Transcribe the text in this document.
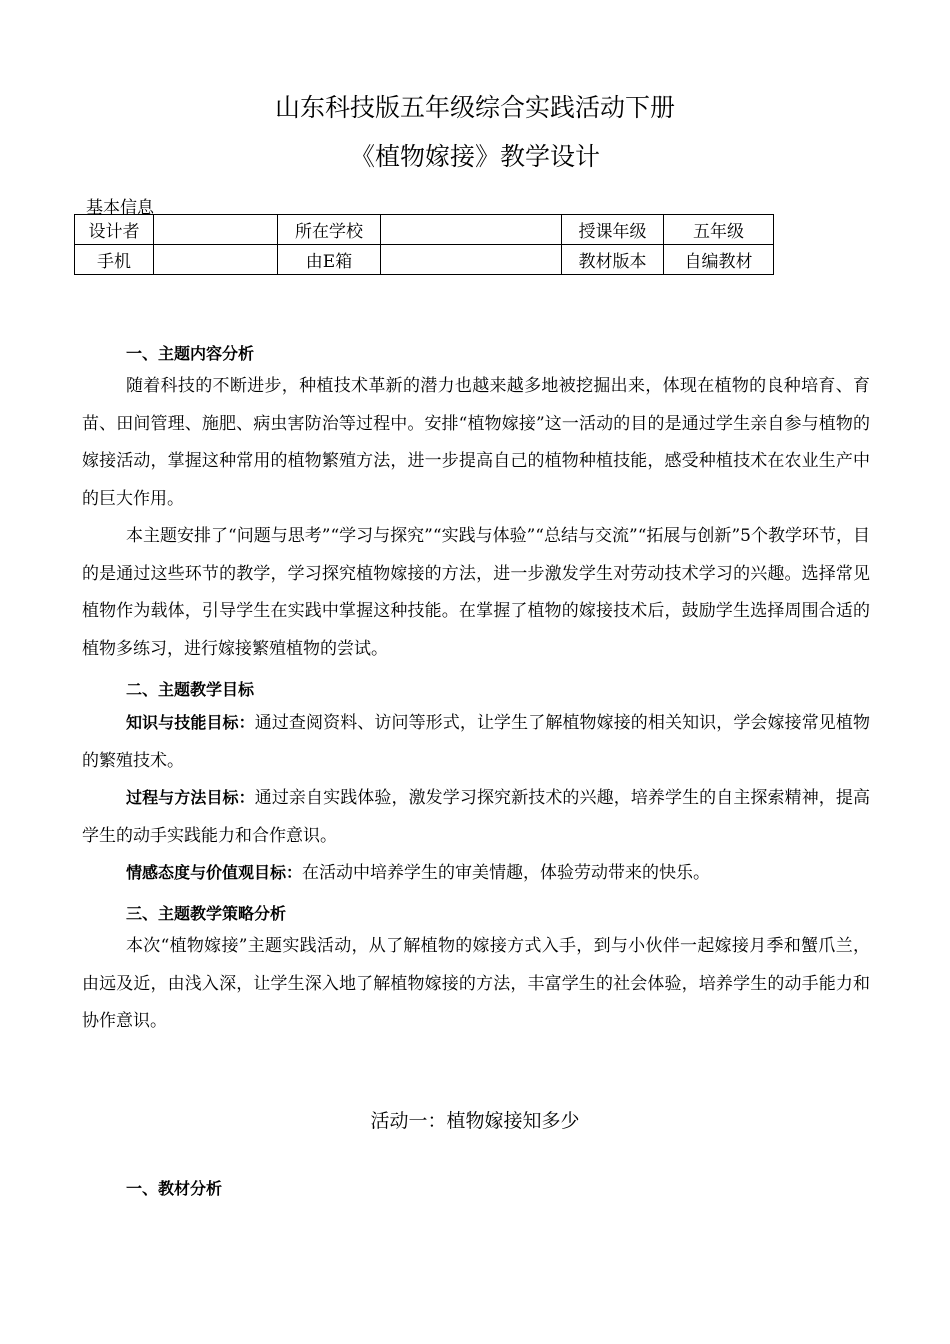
山东科技版五年级综合实践活动下册
《植物嫁接》教学设计
基本信息
设计者		所在学校		授课年级	五年级
手机		由E箱		教材版本	自编教材
一、主题内容分析
随着科技的不断进步，种植技术革新的潜力也越来越多地被挖掘出来，体现在植物的良种培育、育苗、田间管理、施肥、病虫害防治等过程中。安排“植物嫁接”这一活动的目的是通过学生亲自参与植物的嫁接活动，掌握这种常用的植物繁殖方法，进一步提高自己的植物种植技能，感受种植技术在农业生产中的巨大作用。
本主题安排了“问题与思考”“学习与探究”“实践与体验”“总结与交流”“拓展与创新”5个教学环节，目的是通过这些环节的教学，学习探究植物嫁接的方法，进一步激发学生对劳动技术学习的兴趣。选择常见植物作为载体，引导学生在实践中掌握这种技能。在掌握了植物的嫁接技术后，鼓励学生选择周围合适的植物多练习，进行嫁接繁殖植物的尝试。
二、主题教学目标
知识与技能目标：通过查阅资料、访问等形式，让学生了解植物嫁接的相关知识，学会嫁接常见植物的繁殖技术。
过程与方法目标：通过亲自实践体验，激发学习探究新技术的兴趣，培养学生的自主探索精神，提高学生的动手实践能力和合作意识。
情感态度与价值观目标：在活动中培养学生的审美情趣，体验劳动带来的快乐。
三、主题教学策略分析
本次“植物嫁接”主题实践活动，从了解植物的嫁接方式入手，到与小伙伴一起嫁接月季和蟹爪兰，由远及近，由浅入深，让学生深入地了解植物嫁接的方法，丰富学生的社会体验，培养学生的动手能力和协作意识。
活动一：植物嫁接知多少
一、教材分析
